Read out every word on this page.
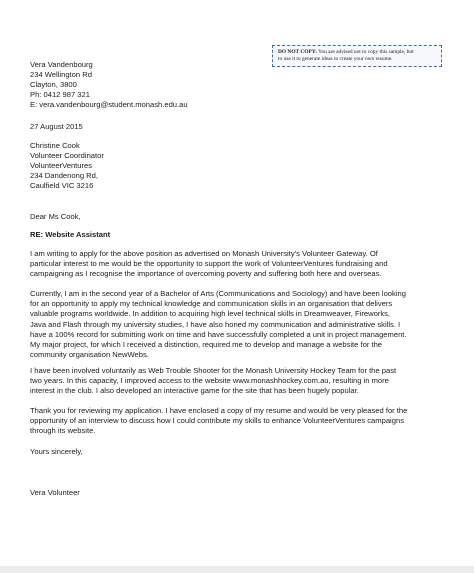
DO NOT COPY: You are advised not to copy this sample, but
to use it to generate ideas to create your own resume.
Vera Vandenbourg
234 Wellington Rd
Clayton, 3800
Ph: 0412 987 321
E: vera.vandenbourg@student.monash.edu.au
27 August 2015
Christine Cook
Volunteer Coordinator
VolunteerVentures
234 Dandenong Rd,
Caulfield VIC 3216
Dear Ms Cook,
RE: Website Assistant
I am writing to apply for the above position as advertised on Monash University's Volunteer Gateway. Of
particular interest to me would be the opportunity to support the work of VolunteerVentures fundraising and
campaigning as I recognise the importance of overcoming poverty and suffering both here and overseas.
Currently, I am in the second year of a Bachelor of Arts (Communications and Sociology) and have been looking
for an opportunity to apply my technical knowledge and communication skills in an organisation that delivers
valuable programs worldwide. In addition to acquiring high level technical skills in Dreamweaver, Fireworks,
Java and Flash through my university studies, I have also honed my communication and administrative skills. I
have a 100% record for submitting work on time and have successfully completed a unit in project management.
My major project, for which I received a distinction, required me to develop and manage a website for the
community organisation NewWebs.
I have been involved voluntarily as Web Trouble Shooter for the Monash University Hockey Team for the past
two years. In this capacity, I improved access to the website www.monashhockey.com.au, resulting in more
interest in the club. I also developed an interactive game for the site that has been hugely popular.
Thank you for reviewing my application. I have enclosed a copy of my resume and would be very pleased for the
opportunity of an interview to discuss how I could contribute my skills to enhance VolunteerVentures campaigns
through its website.
Yours sincerely,
Vera Volunteer
